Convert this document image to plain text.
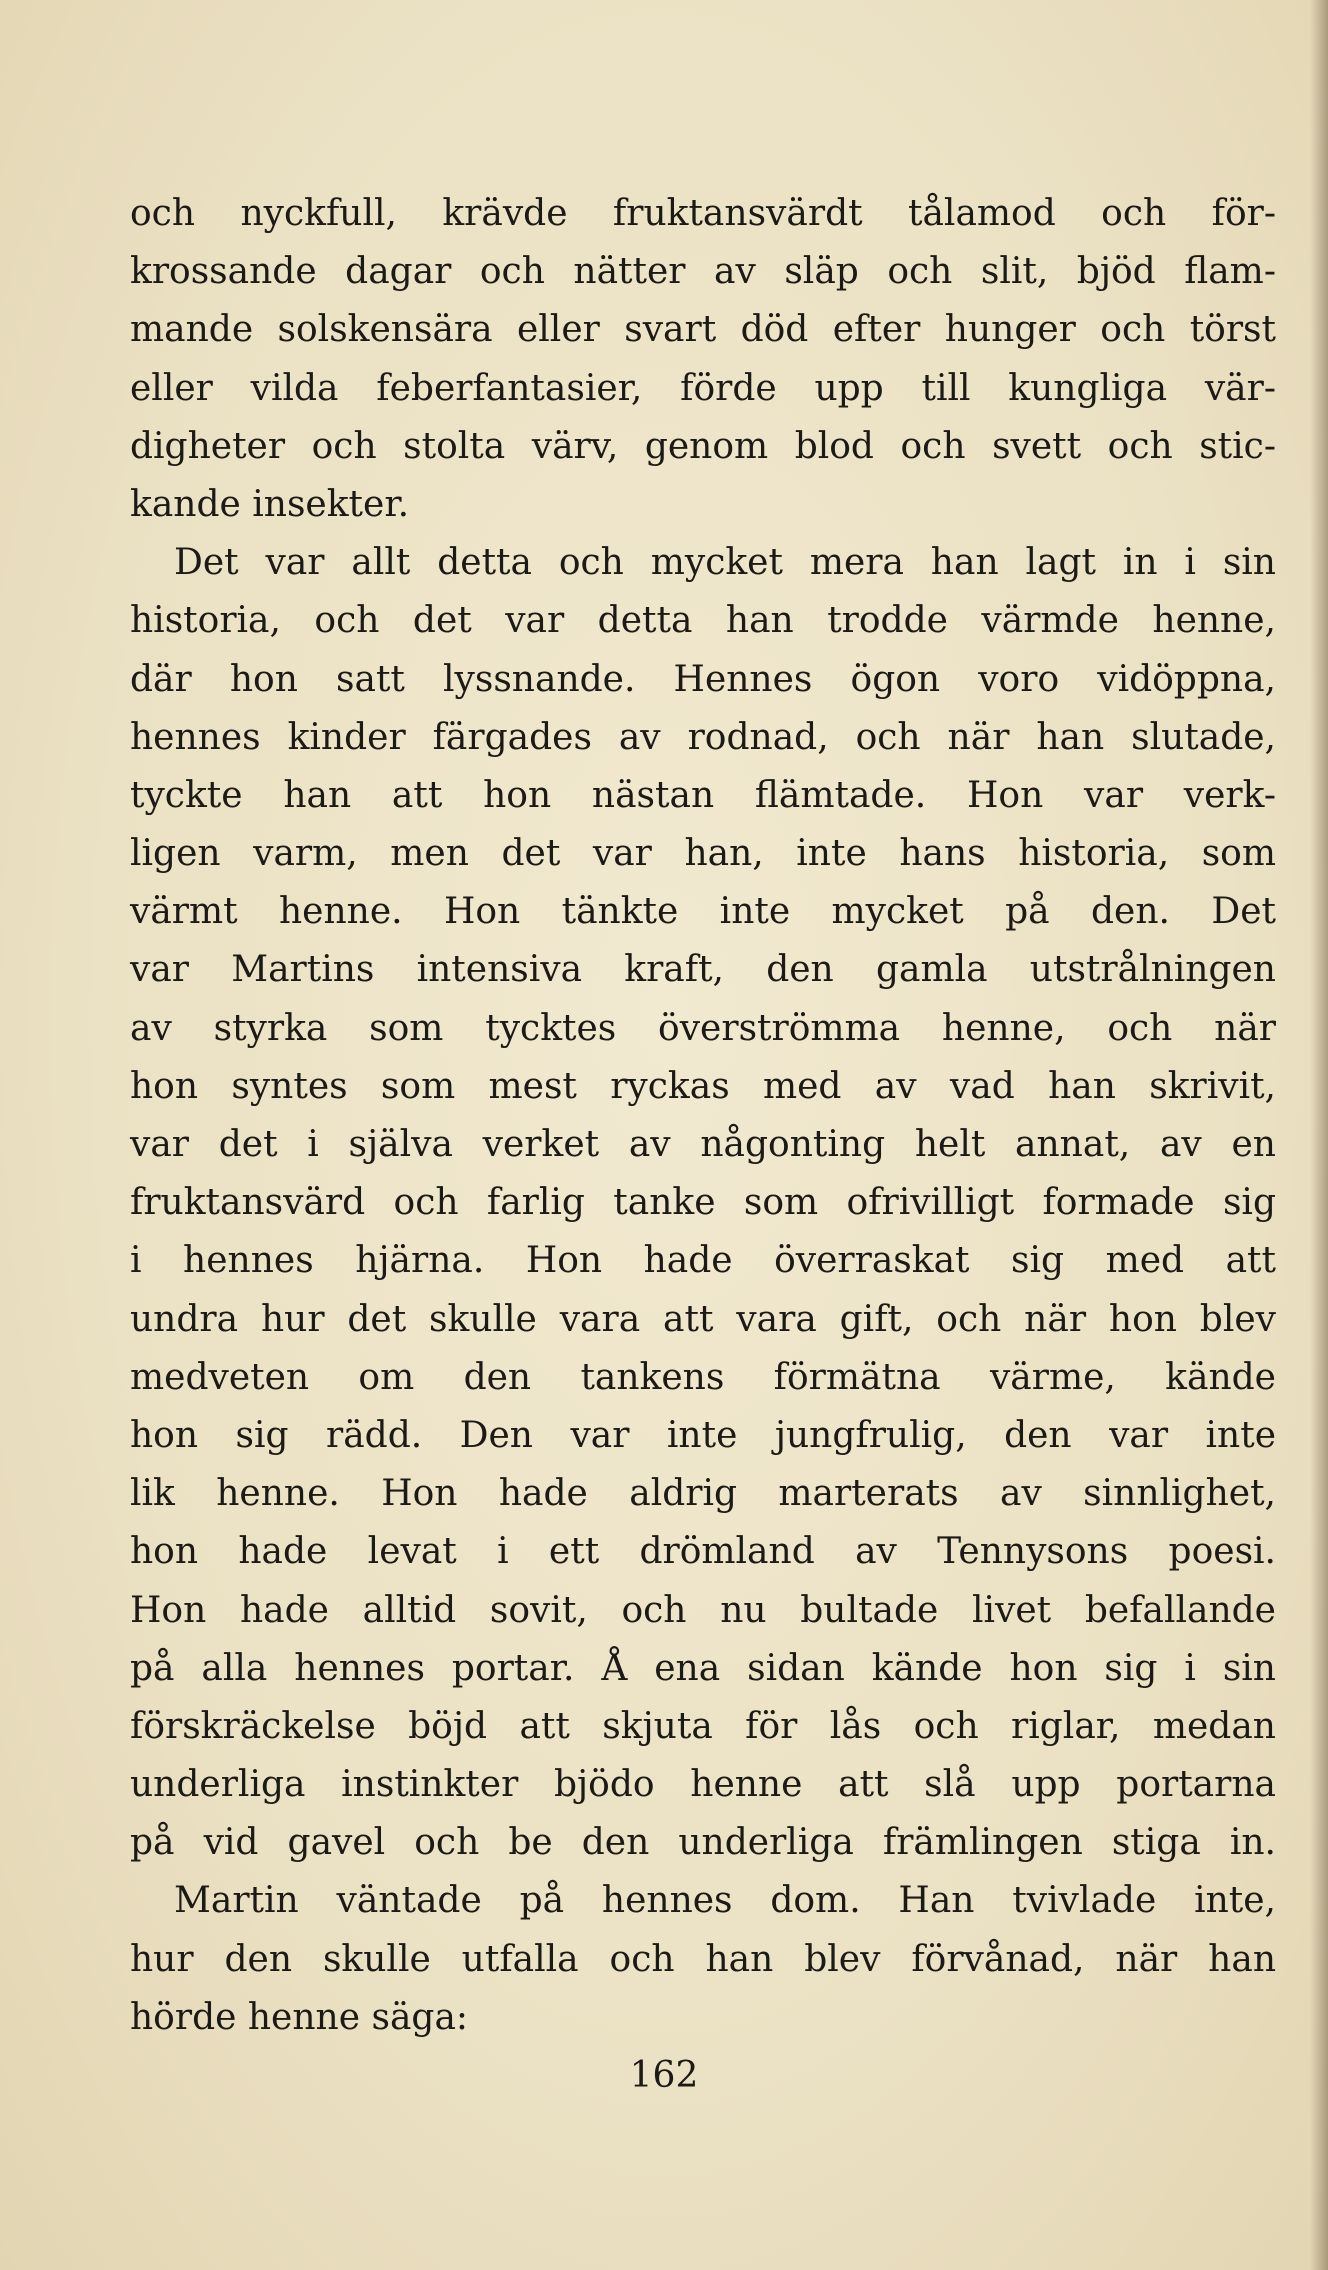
och nyckfull, krävde fruktansvärdt tålamod och för-
krossande dagar och nätter av släp och slit, bjöd flam-
mande solskensära eller svart död efter hunger och törst
eller vilda feberfantasier, förde upp till kungliga vär-
digheter och stolta värv, genom blod och svett och stic-
kande insekter.
Det var allt detta och mycket mera han lagt in i sin
historia, och det var detta han trodde värmde henne,
där hon satt lyssnande. Hennes ögon voro vidöppna,
hennes kinder färgades av rodnad, och när han slutade,
tyckte han att hon nästan flämtade. Hon var verk-
ligen varm, men det var han, inte hans historia, som
värmt henne. Hon tänkte inte mycket på den. Det
var Martins intensiva kraft, den gamla utstrålningen
av styrka som tycktes överströmma henne, och när
hon syntes som mest ryckas med av vad han skrivit,
var det i själva verket av någonting helt annat, av en
fruktansvärd och farlig tanke som ofrivilligt formade sig
i hennes hjärna. Hon hade överraskat sig med att
undra hur det skulle vara att vara gift, och när hon blev
medveten om den tankens förmätna värme, kände
hon sig rädd. Den var inte jungfrulig, den var inte
lik henne. Hon hade aldrig marterats av sinnlighet,
hon hade levat i ett drömland av Tennysons poesi.
Hon hade alltid sovit, och nu bultade livet befallande
på alla hennes portar. Å ena sidan kände hon sig i sin
förskräckelse böjd att skjuta för lås och riglar, medan
underliga instinkter bjödo henne att slå upp portarna
på vid gavel och be den underliga främlingen stiga in.
Martin väntade på hennes dom. Han tvivlade inte,
hur den skulle utfalla och han blev förvånad, när han
hörde henne säga:
162
